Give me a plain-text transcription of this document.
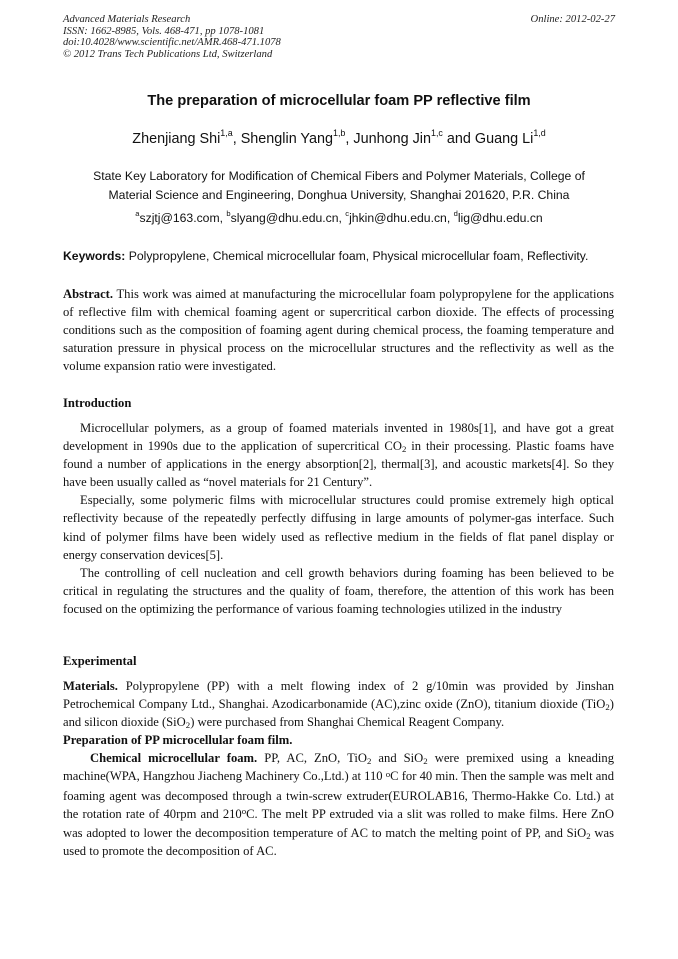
Advanced Materials Research
ISSN: 1662-8985, Vols. 468-471, pp 1078-1081
doi:10.4028/www.scientific.net/AMR.468-471.1078
© 2012 Trans Tech Publications Ltd, Switzerland
Online: 2012-02-27
The preparation of microcellular foam PP reflective film
Zhenjiang Shi$^{1,a}$, Shenglin Yang$^{1,b}$, Junhong Jin$^{1,c}$ and Guang Li$^{1,d}$
State Key Laboratory for Modification of Chemical Fibers and Polymer Materials, College of
Material Science and Engineering, Donghua University, Shanghai 201620, P.R. China
$^a$szjtj@163.com, $^b$slyang@dhu.edu.cn, $^c$jhkin@dhu.edu.cn, $^d$lig@dhu.edu.cn
Keywords: Polypropylene, Chemical microcellular foam, Physical microcellular foam, Reflectivity.

Abstract. This work was aimed at manufacturing the microcellular foam polypropylene for the applications of reflective film with chemical foaming agent or supercritical carbon dioxide. The effects of processing conditions such as the composition of foaming agent during chemical process, the foaming temperature and saturation pressure in physical process on the microcellular structures and the reflectivity as well as the volume expansion ratio were investigated.

Introduction

Microcellular polymers, as a group of foamed materials invented in 1980s[1], and have got a great development in 1990s due to the application of supercritical $CO_2$ in their processing. Plastic foams have found a number of applications in the energy absorption[2], thermal[3], and acoustic markets[4]. So they have been usually called as “novel materials for 21 Century”.

Especially, some polymeric films with microcellular structures could promise extremely high optical reflectivity because of the repeatedly perfectly diffusing in large amounts of polymer-gas interface. Such kind of polymer films have been widely used as reflective medium in the fields of flat panel display or energy conservation devices[5].

The controlling of cell nucleation and cell growth behaviors during foaming has been believed to be critical in regulating the structures and the quality of foam, therefore, the attention of this work has been focused on the optimizing the performance of various foaming technologies utilized in the industry

Experimental

Materials. Polypropylene (PP) with a melt flowing index of 2 g/10min was provided by Jinshan Petrochemical Company Ltd., Shanghai. Azodicarbonamide (AC),zinc oxide (ZnO), titanium dioxide (TiO$_2$) and silicon dioxide (SiO$_2$) were purchased from Shanghai Chemical Reagent Company.

Preparation of PP microcellular foam film.

Chemical microcellular foam. PP, AC, ZnO, TiO$_2$ and SiO$_2$ were premixed using a kneading machine(WPA, Hangzhou Jiacheng Machinery Co.,Ltd.) at 110 $^o$C for 40 min. Then the sample was melt and foaming agent was decomposed through a twin-screw extruder(EUROLAB16, Thermo-Hakke Co. Ltd.) at the rotation rate of 40rpm and 210$^o$C. The melt PP extruded via a slit was rolled to make films. Here ZnO was adopted to lower the decomposition temperature of AC to match the melting point of PP, and SiO$_2$ was used to promote the decomposition of AC.
